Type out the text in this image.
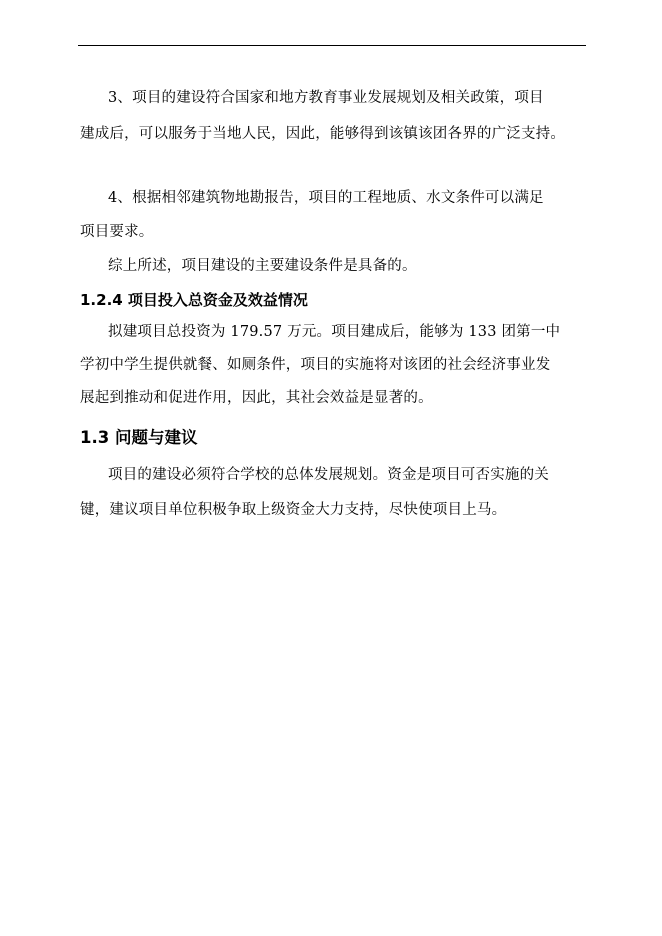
3、项目的建设符合国家和地方教育事业发展规划及相关政策，项目
建成后，可以服务于当地人民，因此，能够得到该镇该团各界的广泛支持。
4、根据相邻建筑物地勘报告，项目的工程地质、水文条件可以满足
项目要求。
综上所述，项目建设的主要建设条件是具备的。
1.2.4 项目投入总资金及效益情况
拟建项目总投资为 179.57 万元。项目建成后，能够为 133 团第一中
学初中学生提供就餐、如厕条件，项目的实施将对该团的社会经济事业发
展起到推动和促进作用，因此，其社会效益是显著的。
1.3 问题与建议
项目的建设必须符合学校的总体发展规划。资金是项目可否实施的关
键，建议项目单位积极争取上级资金大力支持，尽快使项目上马。
